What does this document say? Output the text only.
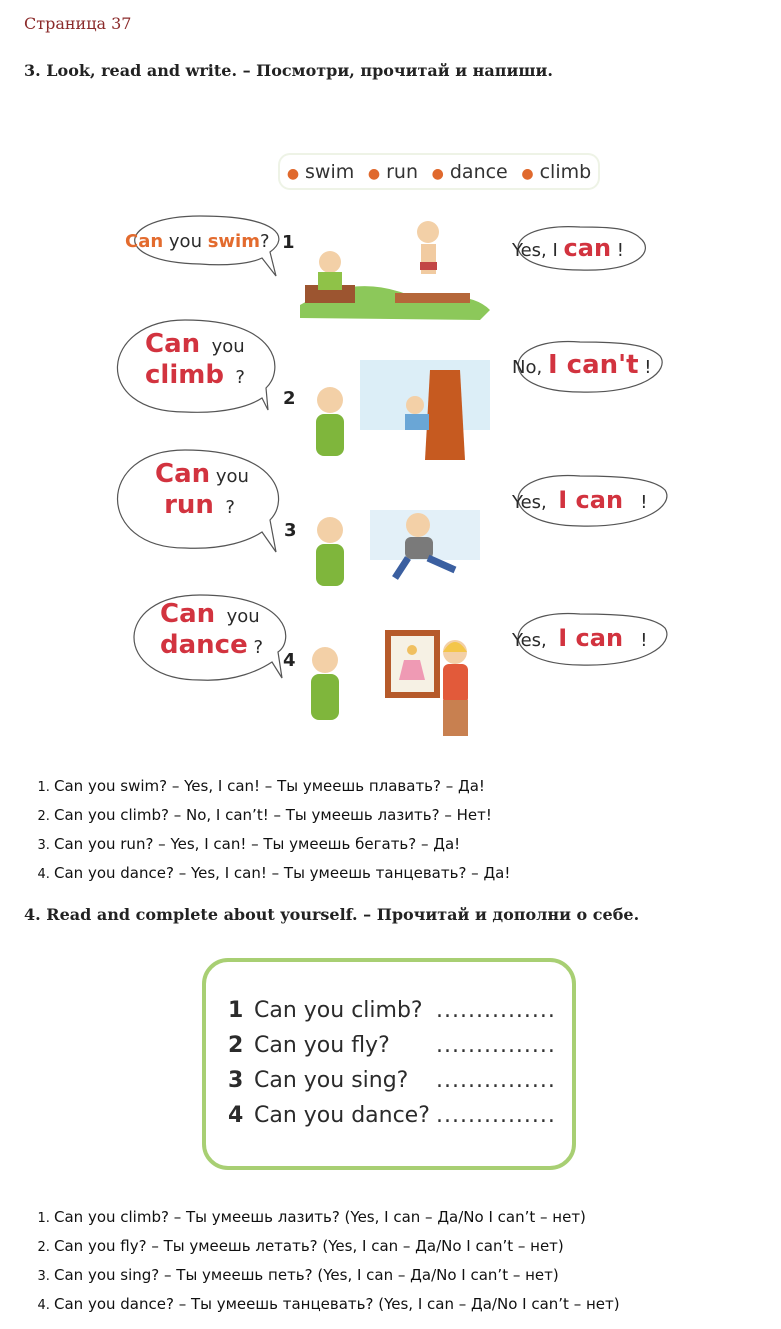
Страница 37
3. Look, read and write. – Посмотри, прочитай и напиши.
● swim ● run ● dance ● climb
Can you swim? 1	Yes, I can !
Can you
climb ?
2
No, I can't !
Can you
run ?
3
Yes, I can !
Can you
dance ?
4
Yes, I can !
1. Can you swim? – Yes, I can! – Ты умеешь плавать? – Да!
2. Can you climb? – No, I can’t! – Ты умеешь лазить? – Нет!
3. Can you run? – Yes, I can! – Ты умеешь бегать? – Да!
4. Can you dance? – Yes, I can! – Ты умеешь танцевать? – Да!
4. Read and complete about yourself. – Прочитай и дополни о себе.
1 Can you climb? ...............
2 Can you fly?	...............
3 Can you sing?	...............
4 Can you dance? ...............
1. Can you climb? – Ты умеешь лазить? (Yes, I can – Да/No I can’t – нет)
2. Can you fly? – Ты умеешь летать? (Yes, I can – Да/No I can’t – нет)
3. Can you sing? – Ты умеешь петь? (Yes, I can – Да/No I can’t – нет)
4. Can you dance? – Ты умеешь танцевать? (Yes, I can – Да/No I can’t – нет)
